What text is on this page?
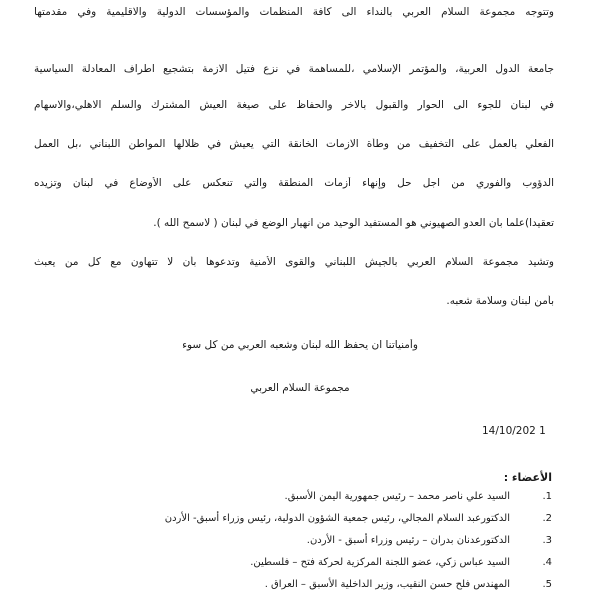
وتتوجه مجموعة السلام العربي بالنداء الى كافة المنظمات والمؤسسات الدولية والاقليمية وفي مقدمتها
جامعة الدول العربية، والمؤتمر الإسلامي ،للمساهمة في نزع فتيل الازمة بتشجيع اطراف المعادلة السياسية
في لبنان للجوء الى الحوار والقبول بالاخر والحفاظ على صيغة العيش المشترك والسلم الاهلي،والاسهام
الفعلي بالعمل على التخفيف من وطأة الازمات الخانقة التي يعيش في ظلالها المواطن اللبناني ،بل العمل
الدؤوب والفوري من اجل حل وإنهاء أزمات المنطقة والتي تنعكس على الأوضاع في لبنان وتزيده
تعقيدا)علما بان العدو الصهيوني هو المستفيد الوحيد من انهيار الوضع في لبنان ( لاسمح الله ).
وتشيد مجموعة السلام العربي بالجيش اللبناني والقوى الأمنية وتدعوها بأن لا تتهاون مع كل من يعبث
بأمن لبنان وسلامة شعبه.
وأمنياتنا ان يحفظ الله لبنان وشعبه العربي من كل سوء
مجموعة السلام العربي
14/10/202 1
الأعضاء :
1.
السيد علي ناصر محمد – رئيس جمهورية اليمن الأسبق.
2.
الدكتورعبد السلام المجالي، رئيس جمعية الشؤون الدولية، رئيس وزراء أسبق- الأردن
3.
الدكتورعدنان بدران – رئيس وزراء أسبق - الأردن.
4.
السيد عباس زكي، عضو اللجنة المركزية لحركة فتح – فلسطين.
5.
المهندس فلح حسن النقيب، وزير الداخلية الأسبق – العراق .
